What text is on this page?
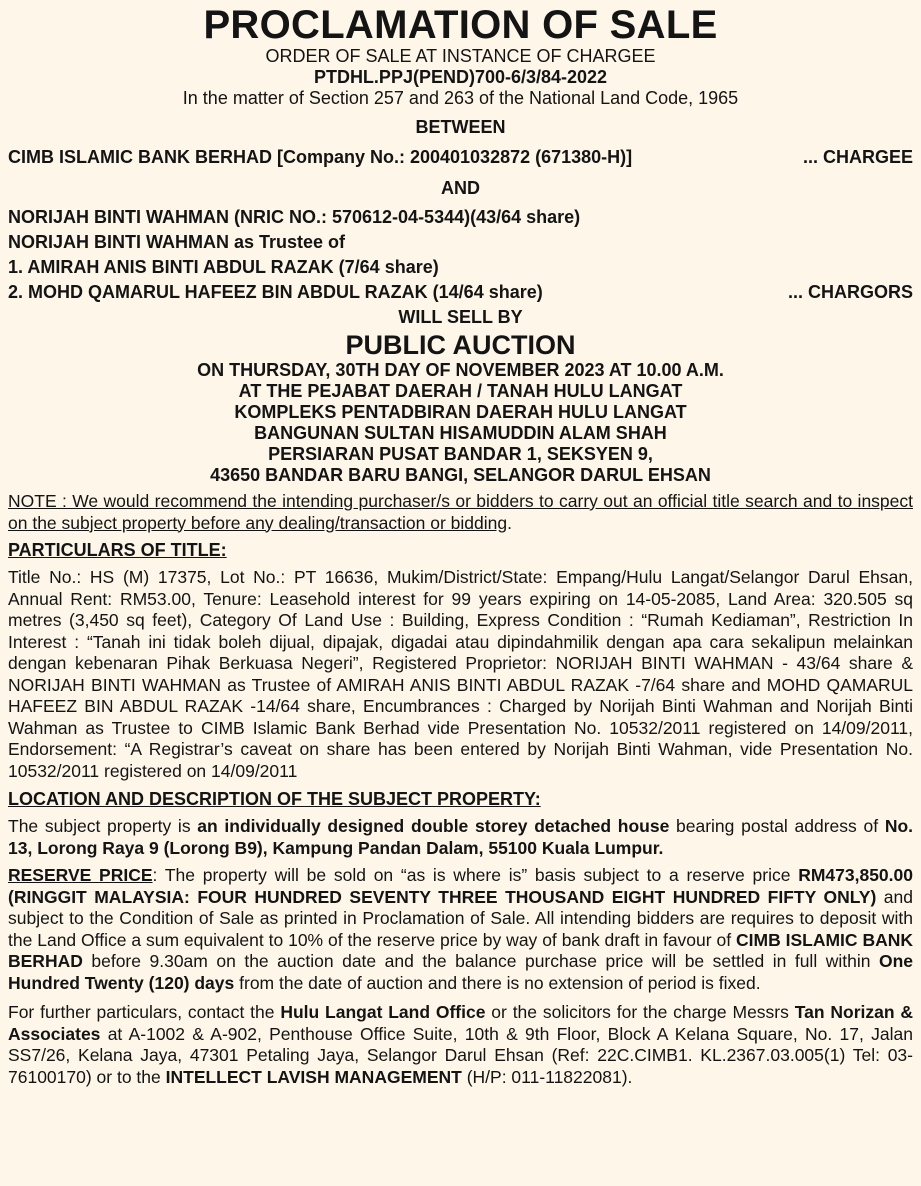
PROCLAMATION OF SALE
ORDER OF SALE AT INSTANCE OF CHARGEE
PTDHL.PPJ(PEND)700-6/3/84-2022
In the matter of Section 257 and 263 of the National Land Code, 1965
BETWEEN
CIMB ISLAMIC BANK BERHAD [Company No.: 200401032872 (671380-H)]	... CHARGEE
AND
NORIJAH BINTI WAHMAN (NRIC NO.: 570612-04-5344)(43/64 share)
NORIJAH BINTI WAHMAN as Trustee of
1. AMIRAH ANIS BINTI ABDUL RAZAK (7/64 share)
2. MOHD QAMARUL HAFEEZ BIN ABDUL RAZAK (14/64 share)	... CHARGORS
WILL SELL BY
PUBLIC AUCTION
ON THURSDAY, 30TH DAY OF NOVEMBER 2023 AT 10.00 A.M.
AT THE PEJABAT DAERAH / TANAH HULU LANGAT
KOMPLEKS PENTADBIRAN DAERAH HULU LANGAT
BANGUNAN SULTAN HISAMUDDIN ALAM SHAH
PERSIARAN PUSAT BANDAR 1, SEKSYEN 9,
43650 BANDAR BARU BANGI, SELANGOR DARUL EHSAN

NOTE : We would recommend the intending purchaser/s or bidders to carry out an official title search and to inspect on the subject property before any dealing/transaction or bidding.

PARTICULARS OF TITLE:

Title No.: HS (M) 17375, Lot No.: PT 16636, Mukim/District/State: Empang/Hulu Langat/Selangor Darul Ehsan, Annual Rent: RM53.00, Tenure: Leasehold interest for 99 years expiring on 14-05-2085, Land Area: 320.505 sq metres (3,450 sq feet), Category Of Land Use : Building, Express Condition : “Rumah Kediaman”, Restriction In Interest : “Tanah ini tidak boleh dijual, dipajak, digadai atau dipindahmilik dengan apa cara sekalipun melainkan dengan kebenaran Pihak Berkuasa Negeri”, Registered Proprietor: NORIJAH BINTI WAHMAN - 43/64 share & NORIJAH BINTI WAHMAN as Trustee of AMIRAH ANIS BINTI ABDUL RAZAK -7/64 share and MOHD QAMARUL HAFEEZ BIN ABDUL RAZAK -14/64 share, Encumbrances : Charged by Norijah Binti Wahman and Norijah Binti Wahman as Trustee to CIMB Islamic Bank Berhad vide Presentation No. 10532/2011 registered on 14/09/2011, Endorsement: “A Registrar’s caveat on share has been entered by Norijah Binti Wahman, vide Presentation No. 10532/2011 registered on 14/09/2011

LOCATION AND DESCRIPTION OF THE SUBJECT PROPERTY:

The subject property is an individually designed double storey detached house bearing postal address of No. 13, Lorong Raya 9 (Lorong B9), Kampung Pandan Dalam, 55100 Kuala Lumpur.

RESERVE PRICE: The property will be sold on “as is where is” basis subject to a reserve price RM473,850.00 (RINGGIT MALAYSIA: FOUR HUNDRED SEVENTY THREE THOUSAND EIGHT HUNDRED FIFTY ONLY) and subject to the Condition of Sale as printed in Proclamation of Sale. All intending bidders are requires to deposit with the Land Office a sum equivalent to 10% of the reserve price by way of bank draft in favour of CIMB ISLAMIC BANK BERHAD before 9.30am on the auction date and the balance purchase price will be settled in full within One Hundred Twenty (120) days from the date of auction and there is no extension of period is fixed.

For further particulars, contact the Hulu Langat Land Office or the solicitors for the charge Messrs Tan Norizan & Associates at A-1002 & A-902, Penthouse Office Suite, 10th & 9th Floor, Block A Kelana Square, No. 17, Jalan SS7/26, Kelana Jaya, 47301 Petaling Jaya, Selangor Darul Ehsan (Ref: 22C.CIMB1. KL.2367.03.005(1) Tel: 03-76100170) or to the INTELLECT LAVISH MANAGEMENT (H/P: 011-11822081).
